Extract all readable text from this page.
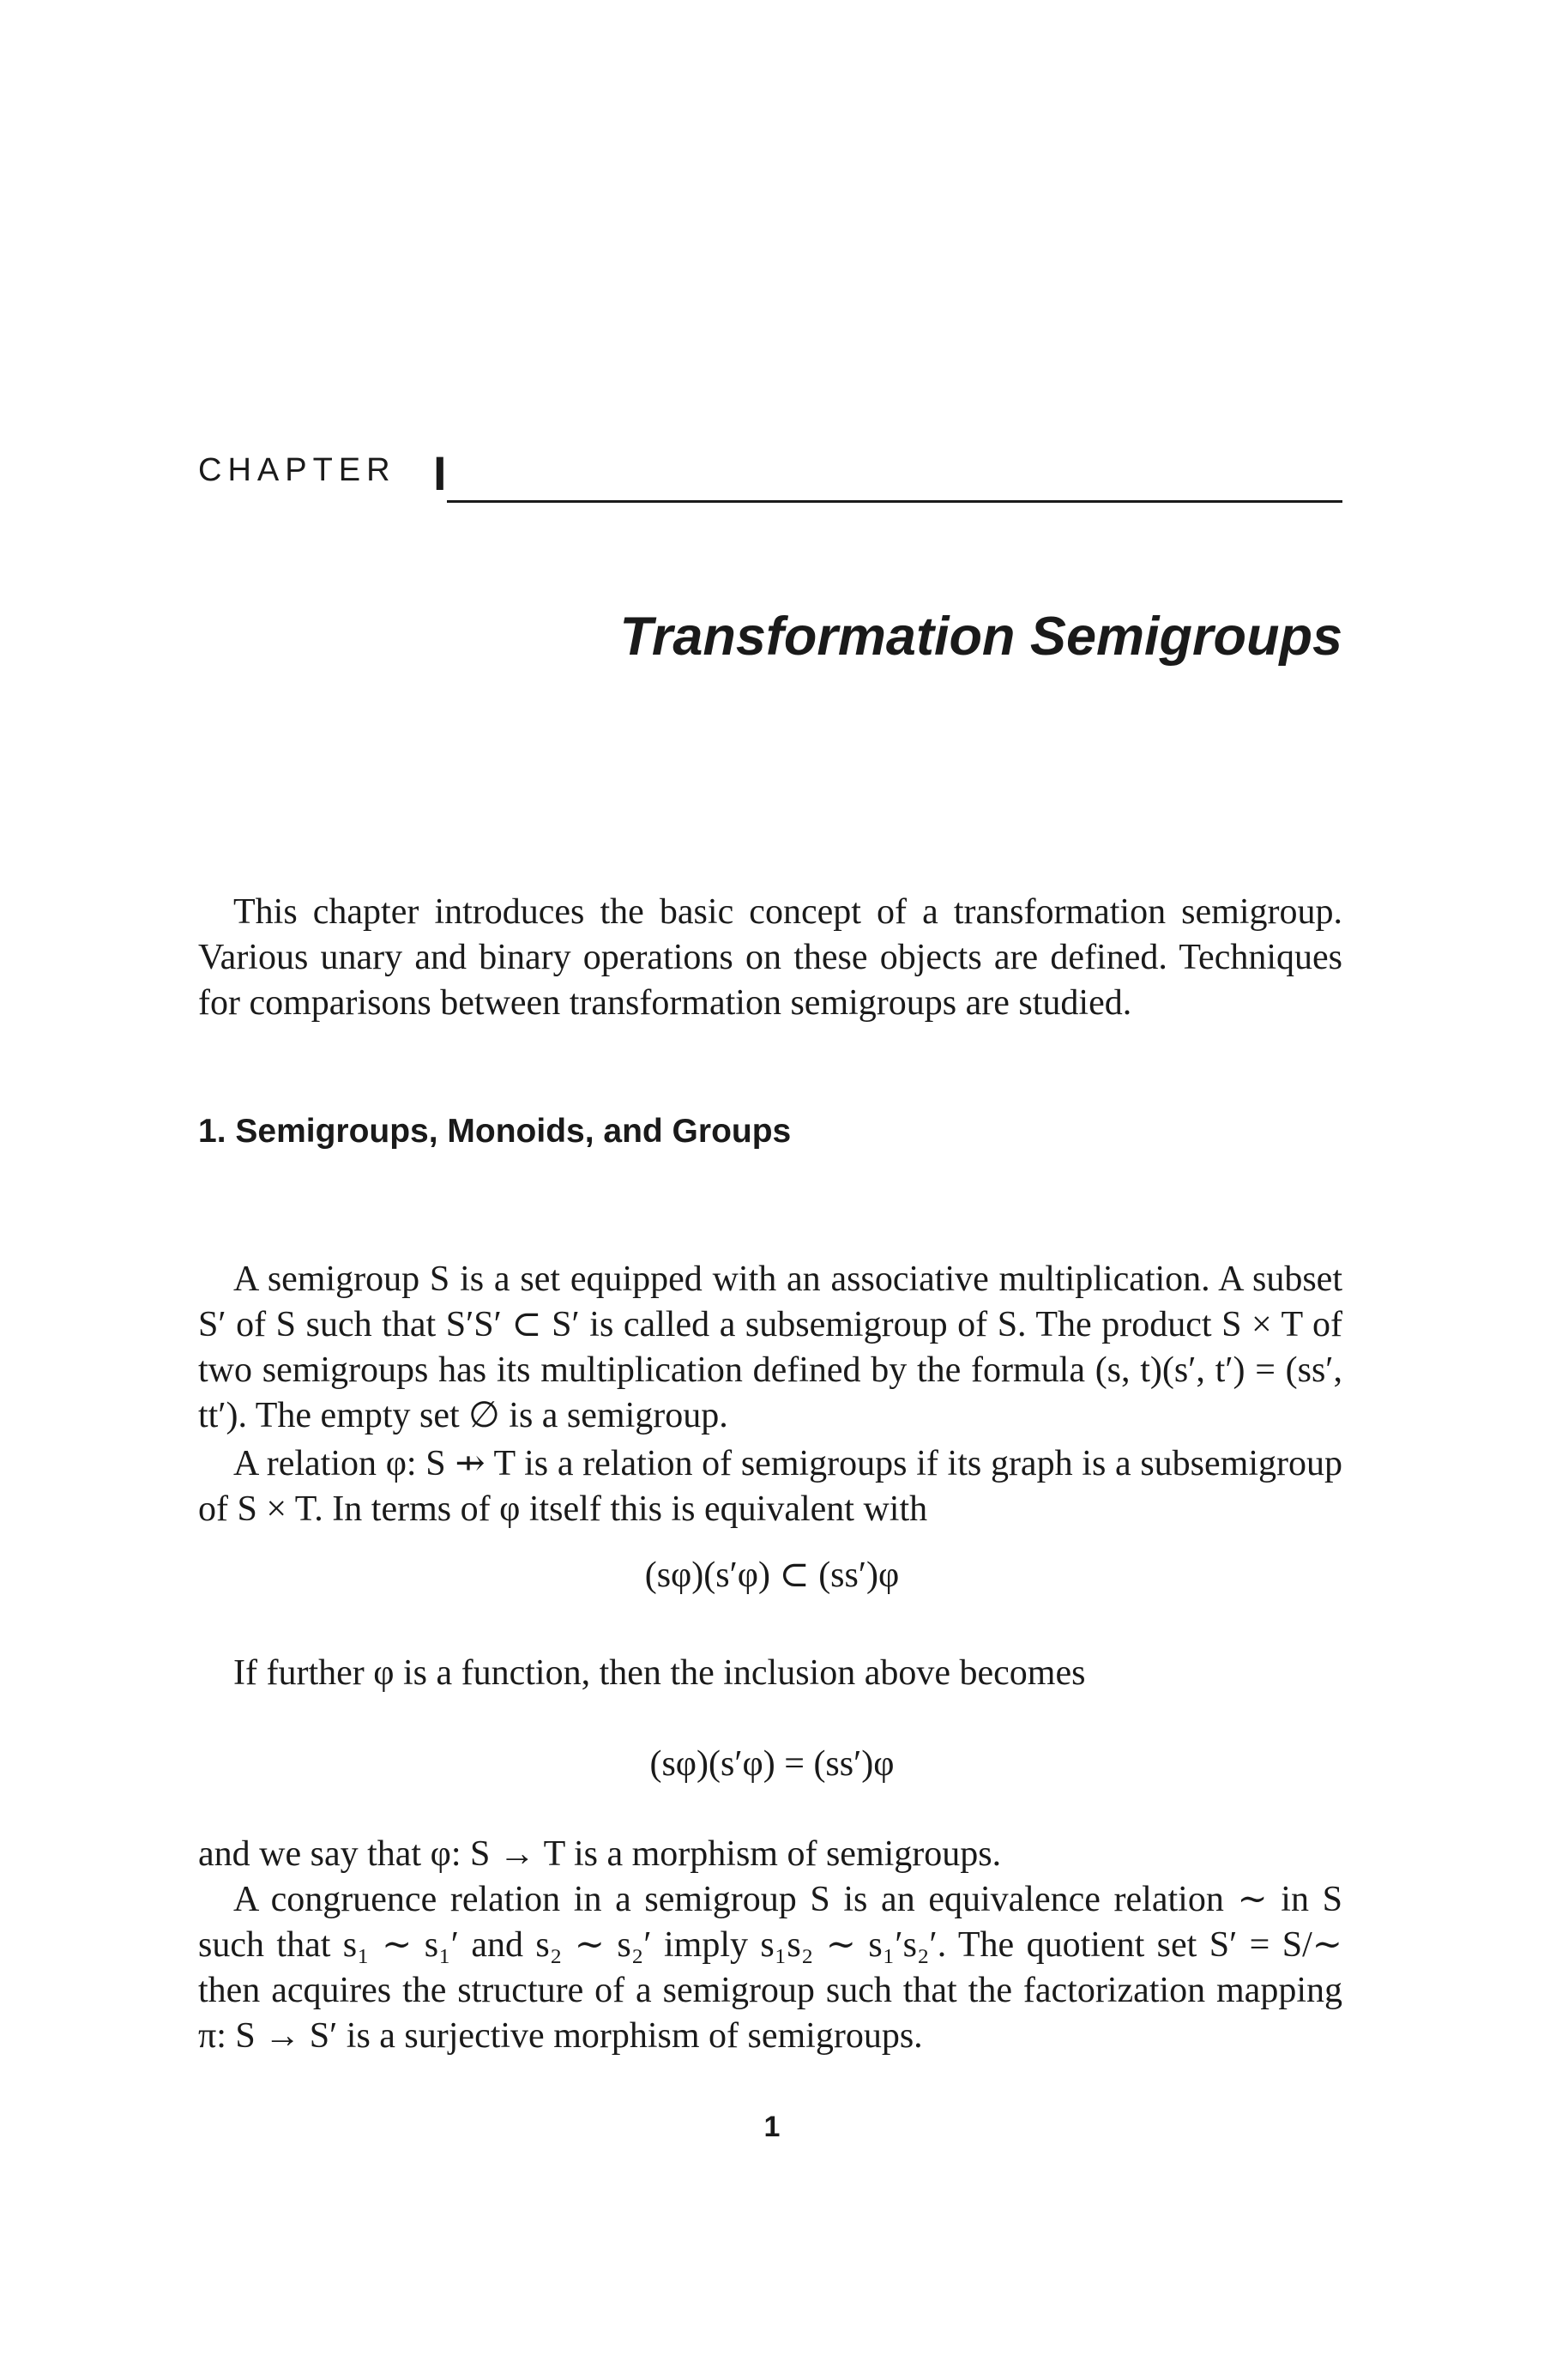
CHAPTER I
Transformation Semigroups

This chapter introduces the basic concept of a transformation semigroup. Various unary and binary operations on these objects are defined. Techniques for comparisons between transformation semigroups are studied.

1. Semigroups, Monoids, and Groups

A semigroup S is a set equipped with an associative multiplication. A subset S′ of S such that S′S′ ⊂ S′ is called a subsemigroup of S. The product S × T of two semigroups has its multiplication defined by the formula (s, t)(s′, t′) = (ss′, tt′). The empty set ∅ is a semigroup.

A relation φ: S ⇸ T is a relation of semigroups if its graph is a subsemigroup of S × T. In terms of φ itself this is equivalent with

(sφ)(s′φ) ⊂ (ss′)φ

If further φ is a function, then the inclusion above becomes

(sφ)(s′φ) = (ss′)φ

and we say that φ: S → T is a morphism of semigroups.

A congruence relation in a semigroup S is an equivalence relation ∼ in S such that s₁ ∼ s₁′ and s₂ ∼ s₂′ imply s₁s₂ ∼ s₁′s₂′. The quotient set S′ = S/∼ then acquires the structure of a semigroup such that the factorization mapping π: S → S′ is a surjective morphism of semigroups.

1
